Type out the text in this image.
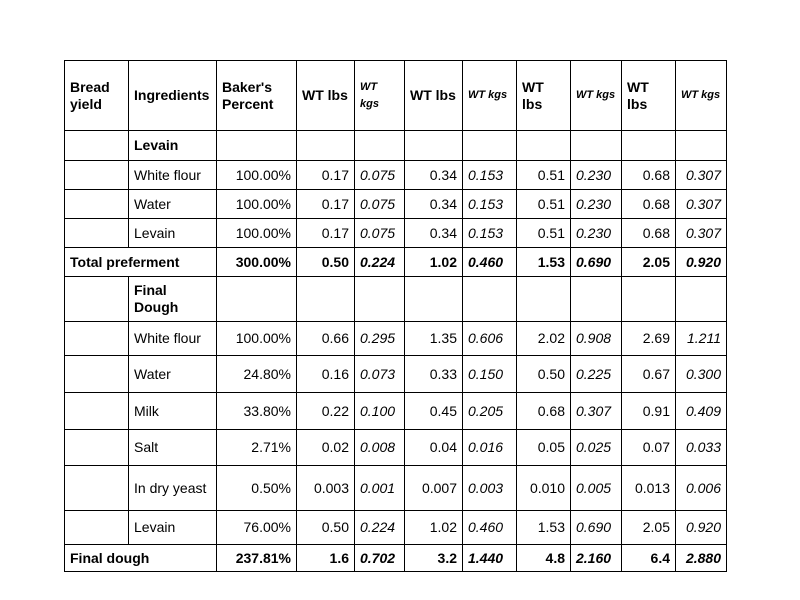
Bread yield	Ingredients	Baker's Percent	WT lbs	WT kgs	WT lbs	WT kgs	WT lbs	WT kgs	WT lbs	WT kgs
	Levain									
	White flour	100.00%	0.17	0.075	0.34	0.153	0.51	0.230	0.68	0.307
	Water	100.00%	0.17	0.075	0.34	0.153	0.51	0.230	0.68	0.307
	Levain	100.00%	0.17	0.075	0.34	0.153	0.51	0.230	0.68	0.307
Total preferment		300.00%	0.50	0.224	1.02	0.460	1.53	0.690	2.05	0.920
	Final Dough									
	White flour	100.00%	0.66	0.295	1.35	0.606	2.02	0.908	2.69	1.211
	Water	24.80%	0.16	0.073	0.33	0.150	0.50	0.225	0.67	0.300
	Milk	33.80%	0.22	0.100	0.45	0.205	0.68	0.307	0.91	0.409
	Salt	2.71%	0.02	0.008	0.04	0.016	0.05	0.025	0.07	0.033
	In dry yeast	0.50%	0.003	0.001	0.007	0.003	0.010	0.005	0.013	0.006
	Levain	76.00%	0.50	0.224	1.02	0.460	1.53	0.690	2.05	0.920
Final dough		237.81%	1.6	0.702	3.2	1.440	4.8	2.160	6.4	2.880
